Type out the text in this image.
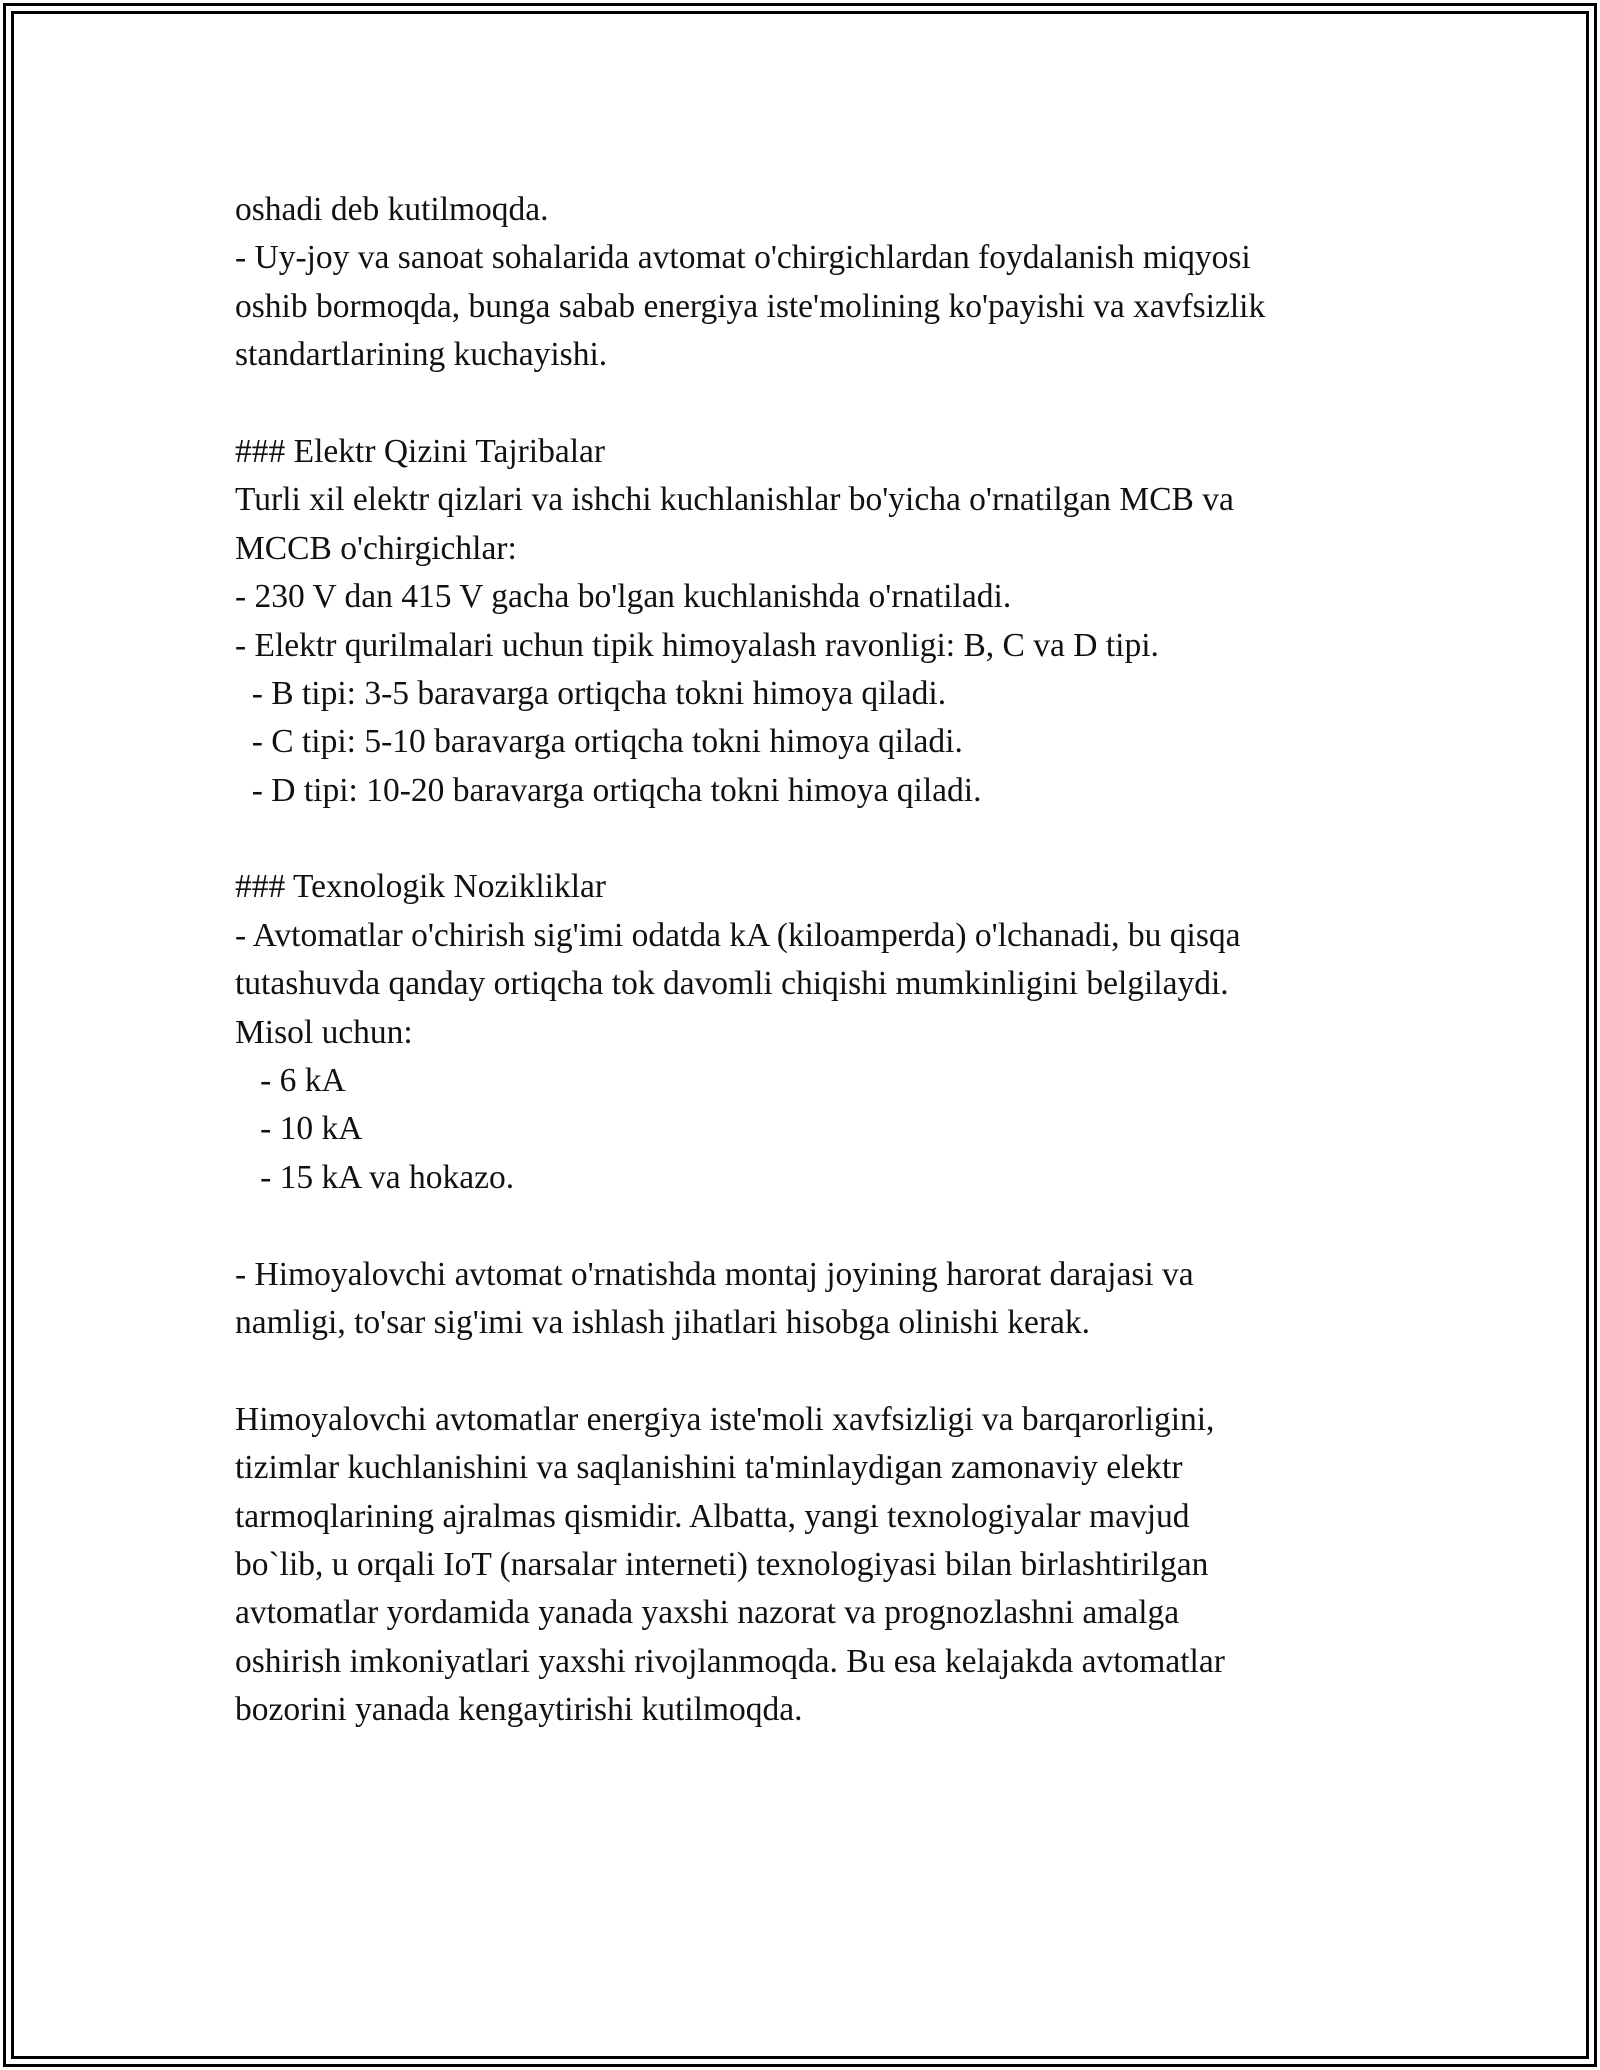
oshadi deb kutilmoqda.
- Uy-joy va sanoat sohalarida avtomat o'chirgichlardan foydalanish miqyosi
oshib bormoqda, bunga sabab energiya iste'molining ko'payishi va xavfsizlik
standartlarining kuchayishi.
### Elektr Qizini Tajribalar
Turli xil elektr qizlari va ishchi kuchlanishlar bo'yicha o'rnatilgan MCB va
MCCB o'chirgichlar:
- 230 V dan 415 V gacha bo'lgan kuchlanishda o'rnatiladi.
- Elektr qurilmalari uchun tipik himoyalash ravonligi: B, C va D tipi.
- B tipi: 3-5 baravarga ortiqcha tokni himoya qiladi.
- C tipi: 5-10 baravarga ortiqcha tokni himoya qiladi.
- D tipi: 10-20 baravarga ortiqcha tokni himoya qiladi.
### Texnologik Nozikliklar
- Avtomatlar o'chirish sig'imi odatda kA (kiloamperda) o'lchanadi, bu qisqa
tutashuvda qanday ortiqcha tok davomli chiqishi mumkinligini belgilaydi.
Misol uchun:
- 6 kA
- 10 kA
- 15 kA va hokazo.
- Himoyalovchi avtomat o'rnatishda montaj joyining harorat darajasi va
namligi, to'sar sig'imi va ishlash jihatlari hisobga olinishi kerak.
Himoyalovchi avtomatlar energiya iste'moli xavfsizligi va barqarorligini,
tizimlar kuchlanishini va saqlanishini ta'minlaydigan zamonaviy elektr
tarmoqlarining ajralmas qismidir. Albatta, yangi texnologiyalar mavjud
bo`lib, u orqali IoT (narsalar interneti) texnologiyasi bilan birlashtirilgan
avtomatlar yordamida yanada yaxshi nazorat va prognozlashni amalga
oshirish imkoniyatlari yaxshi rivojlanmoqda. Bu esa kelajakda avtomatlar
bozorini yanada kengaytirishi kutilmoqda.
